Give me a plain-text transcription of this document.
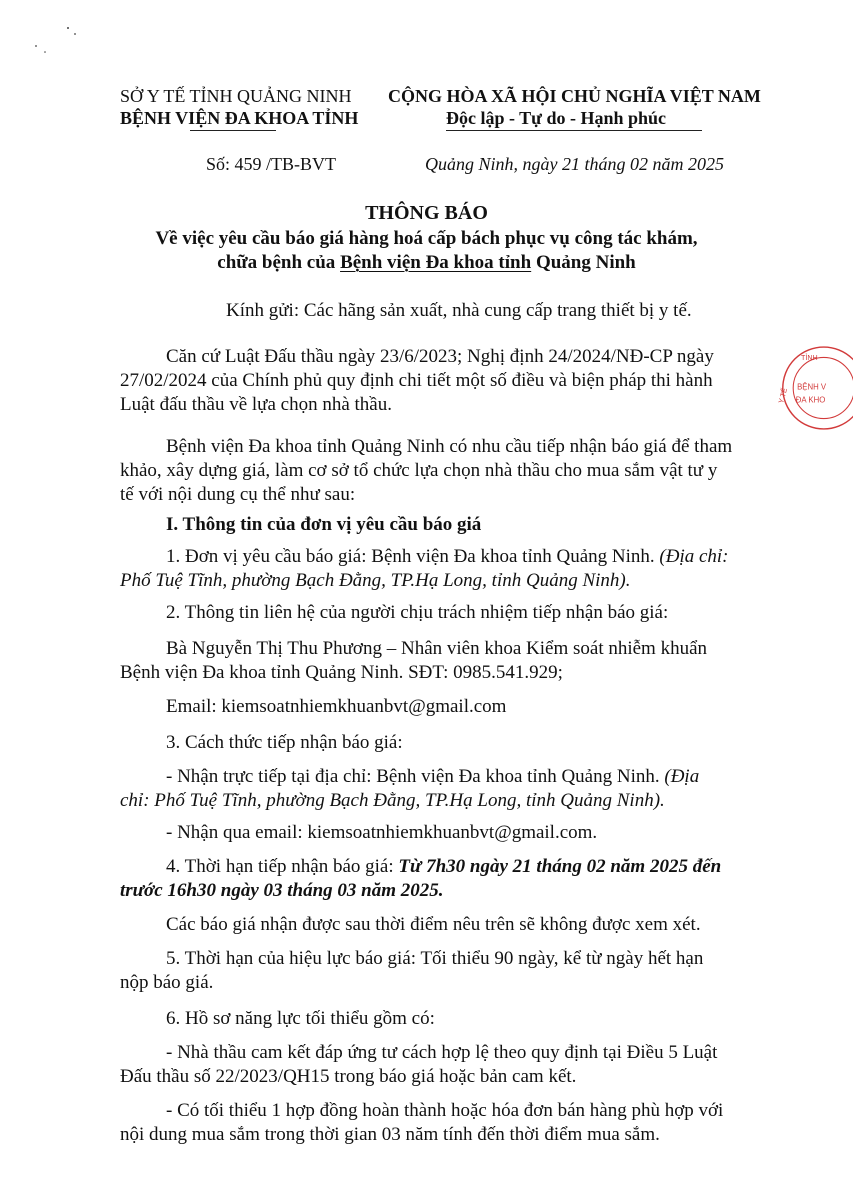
SỞ Y TẾ TỈNH QUẢNG NINH
BỆNH VIỆN ĐA KHOA TỈNH
CỘNG HÒA XÃ HỘI CHỦ NGHĨA VIỆT NAM
Độc lập - Tự do - Hạnh phúc
Số: 459 /TB-BVT	Quảng Ninh, ngày 21 tháng 02 năm 2025
THÔNG BÁO
Về việc yêu cầu báo giá hàng hoá cấp bách phục vụ công tác khám,
chữa bệnh của Bệnh viện Đa khoa tỉnh Quảng Ninh
Kính gửi: Các hãng sản xuất, nhà cung cấp trang thiết bị y tế.
Căn cứ Luật Đấu thầu ngày 23/6/2023; Nghị định 24/2024/NĐ-CP ngày
27/02/2024 của Chính phủ quy định chi tiết một số điều và biện pháp thi hành
Luật đấu thầu về lựa chọn nhà thầu.
Bệnh viện Đa khoa tỉnh Quảng Ninh có nhu cầu tiếp nhận báo giá để tham
khảo, xây dựng giá, làm cơ sở tổ chức lựa chọn nhà thầu cho mua sắm vật tư y
tế với nội dung cụ thể như sau:
I. Thông tin của đơn vị yêu cầu báo giá
1. Đơn vị yêu cầu báo giá: Bệnh viện Đa khoa tỉnh Quảng Ninh. (Địa chỉ:
Phố Tuệ Tĩnh, phường Bạch Đằng, TP.Hạ Long, tỉnh Quảng Ninh).
2. Thông tin liên hệ của người chịu trách nhiệm tiếp nhận báo giá:
Bà Nguyễn Thị Thu Phương – Nhân viên khoa Kiểm soát nhiễm khuẩn
Bệnh viện Đa khoa tỉnh Quảng Ninh. SĐT: 0985.541.929;
Email: kiemsoatnhiemkhuanbvt@gmail.com
3. Cách thức tiếp nhận báo giá:
- Nhận trực tiếp tại địa chỉ: Bệnh viện Đa khoa tỉnh Quảng Ninh. (Địa
chỉ: Phố Tuệ Tĩnh, phường Bạch Đằng, TP.Hạ Long, tỉnh Quảng Ninh).
- Nhận qua email: kiemsoatnhiemkhuanbvt@gmail.com.
4. Thời hạn tiếp nhận báo giá: Từ 7h30 ngày 21 tháng 02 năm 2025 đến
trước 16h30 ngày 03 tháng 03 năm 2025.
Các báo giá nhận được sau thời điểm nêu trên sẽ không được xem xét.
5. Thời hạn của hiệu lực báo giá: Tối thiểu 90 ngày, kể từ ngày hết hạn
nộp báo giá.
6. Hồ sơ năng lực tối thiểu gồm có:
- Nhà thầu cam kết đáp ứng tư cách hợp lệ theo quy định tại Điều 5 Luật
Đấu thầu số 22/2023/QH15 trong báo giá hoặc bản cam kết.
- Có tối thiểu 1 hợp đồng hoàn thành hoặc hóa đơn bán hàng phù hợp với
nội dung mua sắm trong thời gian 03 năm tính đến thời điểm mua sắm.
TỈNH
Y TẾ
BỆNH V
ĐA KHO
